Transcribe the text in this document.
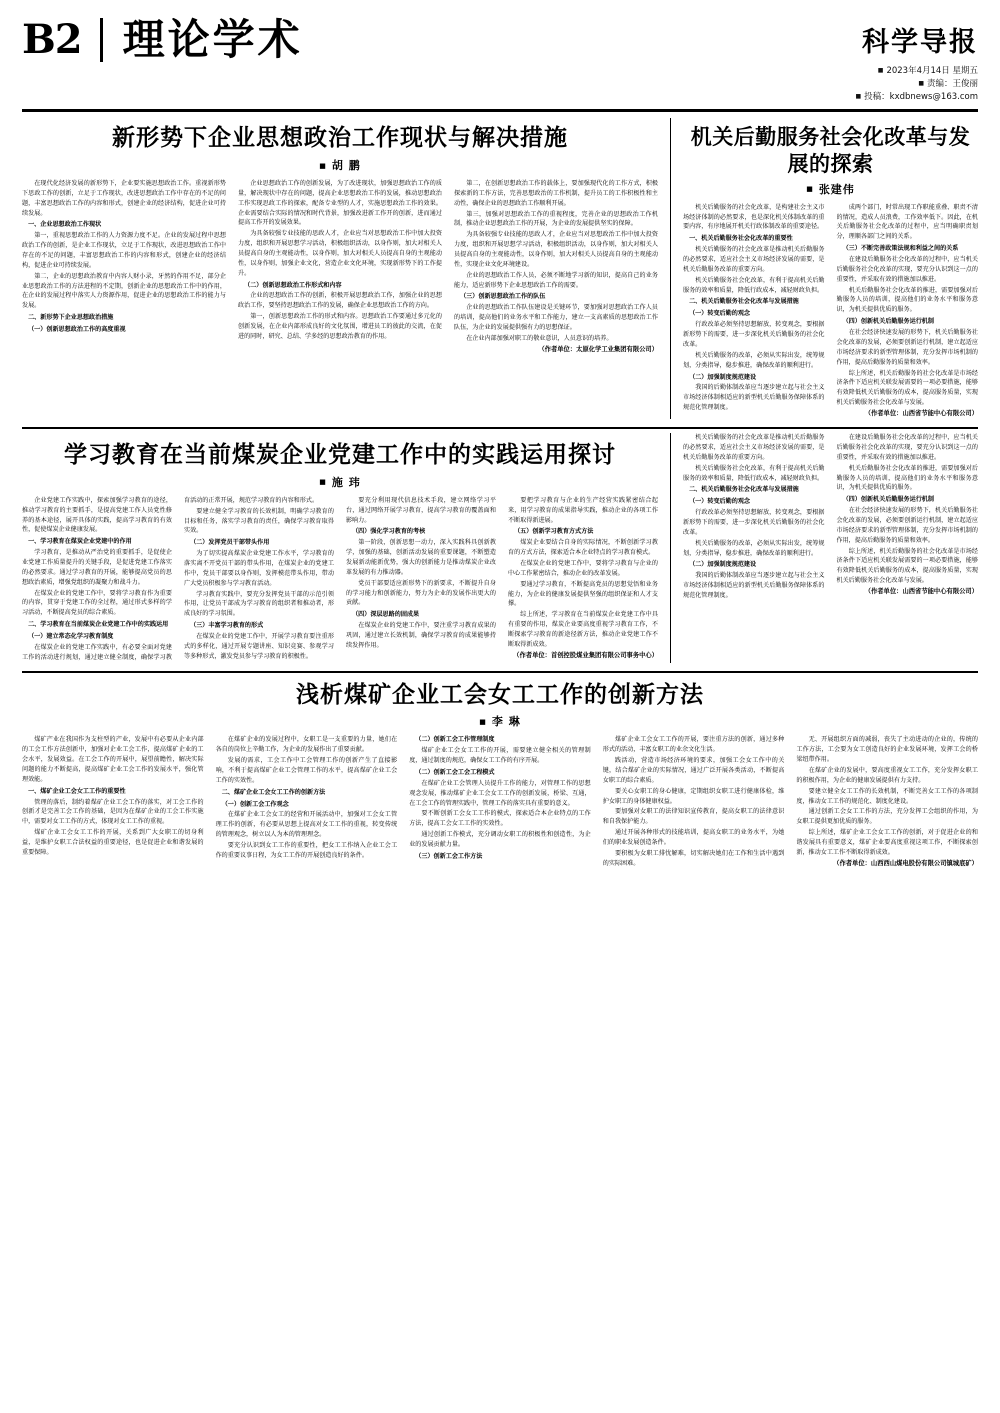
B2 理论学术	科学导报
■ 2023年4月14日 星期五
■ 责编：王俊丽
■ 投稿：kxdbnews@163.com
新形势下企业思想政治工作现状与解决措施
■ 胡 鹏

在现代化经济发展的新形势下，企业要实施思想政治工作。重视新形势下思政工作的创新，立足于工作现状，改进思想政治工作中存在的不足的问题，丰富思想政治工作的内容和形式，创建企业的经济结构，促进企业可持续发展。

一、企业思想政治工作现状

第一，重视思想政治工作的人力资源力度不足。企业的发展过程中思想政治工作的创新，是企业工作现状，立足于工作现状，改进思想政治工作中存在的不足的问题，丰富思想政治工作的内容和形式，创建企业的经济结构，促进企业可持续发展。

第二，企业的思想政治教育中内容人财小录，牙然的作用不足，部分企业思想政治工作的方法进程的不定期，创新企业的思想政治工作中的作用，在企业的发展过程中落实人力资源作用，促进企业的思想政治工作的能力与发展。

二、新形势下企业思想政治措施

（一）创新思想政治工作的高度重视

企业思想政治工作的创新发展，为了改进现状，加强思想政治工作的质量，解决现状中存在的问题，提高企业思想政治工作的发展，推动思想政治工作实现思政工作的探索，配备专业型的人才，实施思想政治工作的效果。企业需要结合实际的情况和时代背景，加强改进新工作开的创新，进而通过提高工作开的发展效果。

为具备较强专业技能的思政人才，企业应当对思想政治工作中加大投资力度，组织和开展思想学习活动，积极组织活动，以身作则，加大对相关人员提高自身的主观能动性，以身作则，加大对相关人员提高自身的主观能动性，以身作则，加强企业文化，营造企业文化环境，实现新形势下的工作提升。

（二）创新思想政治工作形式和内容

企业的思想政治工作的创新，积极开展思想政治工作，加强企业的思想政治工作，要坚持思想政治工作的发展，确保企业思想政治工作的方向。

第一，创新思想政治工作的形式和内容。思想政治工作要通过多元化的创新发展，在企业内部形成良好的文化氛围，增进员工的彼此的交流，在促进的同时，研究、总结、学多经的思想政治教育的作用。

第二，在创新思想政治工作的载体上，要加强现代化的工作方式，积极探索新的工作方法，完善思想政治的工作机制，提升员工的工作积极性和主动性，确保企业的思想政治工作顺利开展。

第三，加强对思想政治工作的重视程度，完善企业的思想政治工作机制，推动企业思想政治工作的开展，为企业的发展提供坚实的保障。

为具备较强专业技能的思政人才，企业应当对思想政治工作中加大投资力度，组织和开展思想学习活动，积极组织活动，以身作则，加大对相关人员提高自身的主观能动性，以身作则，加大对相关人员提高自身的主观能动性，实现企业文化环境建设。

企业的思想政治工作人员，必须不断地学习新的知识，提高自己的业务能力，适应新形势下企业思想政治工作的需要。

（三）创新思想政治工作的队伍

企业的思想政治工作队伍建设是关键环节，要加强对思想政治工作人员的培训，提高他们的业务水平和工作能力，建立一支高素质的思想政治工作队伍，为企业的发展提供强有力的思想保证。

在企业内部加强对职工的敬业意识，人员意识的培养。

（作者单位：太原化学工业集团有限公司）

机关后勤服务社会化改革与发展的探索
■ 张建伟

机关后勤服务的社会化改革，是构建社会主义市场经济体制的必然要求，也是深化机关体制改革的重要内容，有序地展开机关行政体制改革的重要途径。

一、机关后勤服务社会化改革的重要性

机关后勤服务的社会化改革是推动机关后勤服务的必然要求，适应社会主义市场经济发展的需要，是机关后勤服务改革的重要方向。

机关后勤服务社会化改革，有利于提高机关后勤服务的效率和质量，降低行政成本，减轻财政负担。

二、机关后勤服务社会化改革与发展措施

（一）转变后勤的观念

行政改革必须坚持思想解放，转变观念，要根据新形势下的需要，进一步深化机关后勤服务的社会化改革。

机关后勤服务的改革，必须从实际出发，统筹规划，分类指导，稳步推进，确保改革的顺利进行。

（二）加强制度规范建设

我国的后勤体制改革应当逐步建立起与社会主义市场经济体制相适应的新型机关后勤服务保障体系的规范化管理制度。

成两个部门，时常出现工作职能重叠、职责不清的情况，造成人员浪费，工作效率低下。因此，在机关后勤服务社会化改革的过程中，应当明确职责划分，理顺各部门之间的关系。

（三）不断完善政策法规和利益之间的关系

在建设后勤服务社会化改革的过程中，应当机关后勤服务社会化改革的实现，要充分认识到这一点的重要性，并采取有效的措施加以推进。

机关后勤服务社会化改革的推进，需要加强对后勤服务人员的培训，提高他们的业务水平和服务意识，为机关提供优质的服务。

（四）创新机关后勤服务运行机制

在社会经济快速发展的形势下，机关后勤服务社会化改革的发展，必须要创新运行机制，建立起适应市场经济要求的新型管理体制，充分发挥市场机制的作用，提高后勤服务的质量和效率。

综上所述，机关后勤服务的社会化改革是市场经济条件下适应机关联发展需要的一项必要措施，能够有效降低机关后勤服务的成本，提高服务质量，实现机关后勤服务社会化改革与发展。

（作者单位：山西省节能中心有限公司）

学习教育在当前煤炭企业党建工作中的实践运用探讨
■ 施 玮

企业党建工作实践中，探索加强学习教育的途径，推动学习教育的主要抓手，是提高党建工作人员党性修养的基本途径，展开具体的实践，提高学习教育的有效性，促使煤炭企业健康发展。

一、学习教育在煤炭企业党建中的作用

学习教育，是推动从严治党的重要抓手，是促使企业党建工作质量提升的关键手段，是促进党建工作落实的必然要求。通过学习教育的开展，能够提高党员的思想政治素质，增强党组织的凝聚力和战斗力。

在煤炭企业的党建工作中，要将学习教育作为重要的内容，贯穿于党建工作的全过程，通过形式多样的学习活动，不断提高党员的综合素质。

二、学习教育在当前煤炭企业党建工作中的实践运用

（一）建立常态化学习教育制度

在煤炭企业的党建工作实践中，有必要全面对党建工作的活动进行规划，通过建立健全制度，确保学习教育活动的正常开展，规范学习教育的内容和形式。

要建立健全学习教育的长效机制，明确学习教育的目标和任务，落实学习教育的责任，确保学习教育取得实效。

（二）发挥党员干部带头作用

为了切实提高煤炭企业党建工作水平，学习教育的落实离不开党员干部的带头作用，在煤炭企业的党建工作中，党员干部要以身作则，发挥模范带头作用，带动广大党员积极参与学习教育活动。

学习教育实践中，要充分发挥党员干部的示范引领作用，让党员干部成为学习教育的组织者和推动者，形成良好的学习氛围。

（三）丰富学习教育的形式

在煤炭企业的党建工作中，开展学习教育要注重形式的多样化，通过开展专题讲座、知识竞赛、参观学习等多种形式，激发党员参与学习教育的积极性。

要充分利用现代信息技术手段，建立网络学习平台，通过网络开展学习教育，提高学习教育的覆盖面和影响力。

（四）强化学习教育的考核

第一阶段，创新思想一动力，深入实践科具创新教学，加强的基础，创新活动发展的重要课题，不断塑造发展新动能新优势，强大的创新能力是推动煤炭企业改革发展的有力推动器。

党员干部要适应新形势下的新要求，不断提升自身的学习能力和创新能力，努力为企业的发展作出更大的贡献。

（四）深层思路的固成果

在煤炭企业的党建工作中，要注重学习教育成果的巩固，通过建立长效机制，确保学习教育的成果能够持续发挥作用。

要把学习教育与企业的生产经营实践紧密结合起来，用学习教育的成果指导实践，推动企业的各项工作不断取得新进展。

（五）创新学习教育方式方法

煤炭企业要结合自身的实际情况，不断创新学习教育的方式方法，探索适合本企业特点的学习教育模式。

在煤炭企业的党建工作中，要将学习教育与企业的中心工作紧密结合，推动企业的改革发展。

要通过学习教育，不断提高党员的思想觉悟和业务能力，为企业的健康发展提供坚强的组织保证和人才支撑。

综上所述，学习教育在当前煤炭企业党建工作中具有重要的作用，煤炭企业要高度重视学习教育工作，不断探索学习教育的新途径新方法，推动企业党建工作不断取得新成效。

（作者单位：首创控股煤业集团有限公司事务中心）

机关后勤服务的社会化改革是推动机关后勤服务的必然要求，适应社会主义市场经济发展的需要，是机关后勤服务改革的重要方向。

机关后勤服务社会化改革，有利于提高机关后勤服务的效率和质量，降低行政成本，减轻财政负担。

二、机关后勤服务社会化改革与发展措施

（一）转变后勤的观念

行政改革必须坚持思想解放，转变观念，要根据新形势下的需要，进一步深化机关后勤服务的社会化改革。

机关后勤服务的改革，必须从实际出发，统筹规划，分类指导，稳步推进，确保改革的顺利进行。

（二）加强制度规范建设

我国的后勤体制改革应当逐步建立起与社会主义市场经济体制相适应的新型机关后勤服务保障体系的规范化管理制度。

在建设后勤服务社会化改革的过程中，应当机关后勤服务社会化改革的实现，要充分认识到这一点的重要性，并采取有效的措施加以推进。

机关后勤服务社会化改革的推进，需要加强对后勤服务人员的培训，提高他们的业务水平和服务意识，为机关提供优质的服务。

（四）创新机关后勤服务运行机制

在社会经济快速发展的形势下，机关后勤服务社会化改革的发展，必须要创新运行机制，建立起适应市场经济要求的新型管理体制，充分发挥市场机制的作用，提高后勤服务的质量和效率。

综上所述，机关后勤服务的社会化改革是市场经济条件下适应机关联发展需要的一项必要措施，能够有效降低机关后勤服务的成本，提高服务质量，实现机关后勤服务社会化改革与发展。

（作者单位：山西省节能中心有限公司）

浅析煤矿企业工会女工工作的创新方法
■ 李 琳

煤矿产业在我国作为支柱型的产业，发展中有必要从企业内部的工会工作方法创新中，加强对企业工会工作，提高煤矿企业的工会水平，发展效益。在工会工作的开展中，展望前瞻性，解决实际问题的能力不断提高，提高煤矿企业工会工作的发展水平，强化管理效能。

一、煤矿企业工会女工工作的重要性

管理的落后，制约着煤矿企业工会工作的落实，对工会工作的创新才是完善工会工作的基础，是因为在煤矿企业的工会工作实施中，需要对女工工作的方式，体现对女工工作的重视。

煤矿企业工会女工工作的开展，关系到广大女职工的切身利益，是维护女职工合法权益的重要途径，也是促进企业和谐发展的重要保障。

在煤矿企业的发展过程中，女职工是一支重要的力量，她们在各自的岗位上辛勤工作，为企业的发展作出了重要贡献。

发展的需求，工会工作中工会管理工作的创新产生了直接影响，不利于提高煤矿企业工会管理工作的水平，提高煤矿企业工会工作的实效性。

二、煤矿企业工会女工工作的创新方法

（一）创新工会工作观念

在煤矿企业工会女工的经营和开展活动中，加强对工会女工管理工作的创新，有必要从思想上提高对女工工作的重视，转变传统的管理观念，树立以人为本的管理理念。

要充分认识到女工工作的重要性，把女工工作纳入企业工会工作的重要议事日程，为女工工作的开展创造良好的条件。

（二）创新工会工作管理制度

煤矿企业工会女工工作的开展，需要建立健全相关的管理制度，通过制度的规范，确保女工工作的有序开展。

（二）创新工会工会工程模式

在煤矿企业工会管理人员提升工作的能力，对管理工作的思想观念发展，推动煤矿企业工会女工工作的创新发展，桥梁、互通，在工会工作的管理实践中，管理工作的落实具有重要的意义。

要不断创新工会女工工作的模式，探索适合本企业特点的工作方法，提高工会女工工作的实效性。

通过创新工作模式，充分调动女职工的积极性和创造性，为企业的发展贡献力量。

（三）创新工会工作方法

煤矿企业工会女工工作的开展，要注重方法的创新，通过多种形式的活动，丰富女职工的业余文化生活。

践活动，营造市场经济环境的要求，加强工会女工作中的关键，结合煤矿企业的实际情况，通过广泛开展各类活动，不断提高女职工的综合素质。

要关心女职工的身心健康，定期组织女职工进行健康体检，维护女职工的身体健康权益。

要加强对女职工的法律知识宣传教育，提高女职工的法律意识和自我保护能力。

通过开展各种形式的技能培训，提高女职工的业务水平，为她们的职业发展创造条件。

要积极为女职工排忧解难，切实解决她们在工作和生活中遇到的实际困难。

无、开展组织方面的减弱，丧失了主动进动的企业的，传统的工作方法，工会要为女工创造良好的企业发展环境，发挥工会的桥梁纽带作用。

在煤矿企业的发展中，要高度重视女工工作，充分发挥女职工的积极作用，为企业的健康发展提供有力支持。

要建立健全女工工作的长效机制，不断完善女工工作的各项制度，推动女工工作的规范化、制度化建设。

通过创新工会女工工作的方法，充分发挥工会组织的作用，为女职工提供更加优质的服务。

综上所述，煤矿企业工会女工工作的创新，对于促进企业的和谐发展具有重要意义，煤矿企业要高度重视这项工作，不断探索创新，推动女工工作不断取得新成效。

（作者单位：山西西山煤电股份有限公司镇城底矿）
